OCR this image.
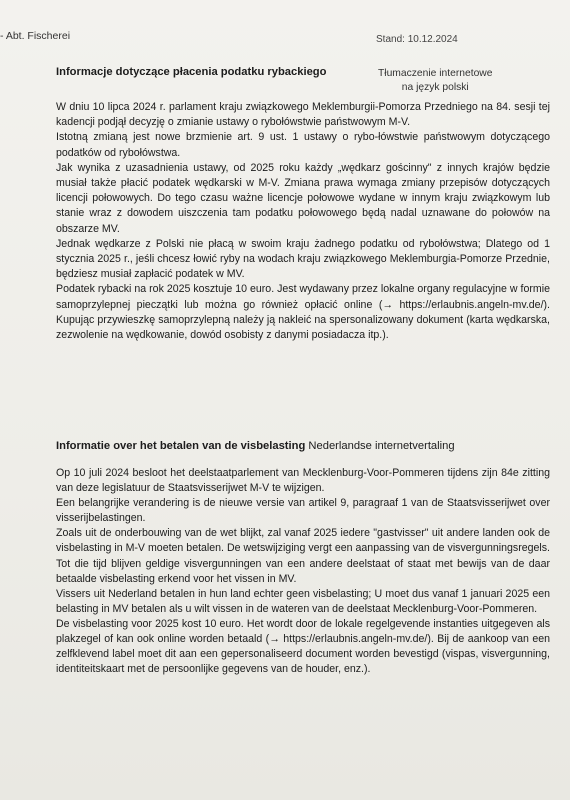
- Abt. Fischerei	Stand: 10.12.2024
Informacje dotyczące płacenia podatku rybackiego	Tłumaczenie internetowe
na język polski

W dniu 10 lipca 2024 r. parlament kraju związkowego Meklemburgii-Pomorza Przedniego na 84. sesji tej kadencji podjął decyzję o zmianie ustawy o rybołówstwie państwowym M-V.

Istotną zmianą jest nowe brzmienie art. 9 ust. 1 ustawy o rybo-łówstwie państwowym dotyczącego podatków od rybołówstwa.

Jak wynika z uzasadnienia ustawy, od 2025 roku każdy „wędkarz gościnny" z innych krajów będzie musiał także płacić podatek wędkarski w M-V. Zmiana prawa wymaga zmiany przepisów dotyczących licencji połowowych. Do tego czasu ważne licencje połowowe wydane w innym kraju związkowym lub stanie wraz z dowodem uiszczenia tam podatku połowowego będą nadal uznawane do połowów na obszarze MV.

Jednak wędkarze z Polski nie płacą w swoim kraju żadnego podatku od rybołówstwa; Dlatego od 1 stycznia 2025 r., jeśli chcesz łowić ryby na wodach kraju związkowego Meklemburgia-Pomorze Przednie, będziesz musiał zapłacić podatek w MV.

Podatek rybacki na rok 2025 kosztuje 10 euro. Jest wydawany przez lokalne organy regulacyjne w formie samoprzylepnej pieczątki lub można go również opłacić online (→ https://erlaubnis.angeln-mv.de/). Kupując przywieszkę samoprzylepną należy ją nakleić na spersonalizowany dokument (karta wędkarska, zezwolenie na wędkowanie, dowód osobisty z danymi posiadacza itp.).

Informatie over het betalen van de visbelasting Nederlandse internetvertaling

Op 10 juli 2024 besloot het deelstaatparlement van Mecklenburg-Voor-Pommeren tijdens zijn 84e zitting van deze legislatuur de Staatsvisserijwet M-V te wijzigen.

Een belangrijke verandering is de nieuwe versie van artikel 9, paragraaf 1 van de Staatsvisserijwet over visserijbelastingen.

Zoals uit de onderbouwing van de wet blijkt, zal vanaf 2025 iedere "gastvisser" uit andere landen ook de visbelasting in M-V moeten betalen. De wetswijziging vergt een aanpassing van de visvergunningsregels. Tot die tijd blijven geldige visvergunningen van een andere deelstaat of staat met bewijs van de daar betaalde visbelasting erkend voor het vissen in MV.

Vissers uit Nederland betalen in hun land echter geen visbelasting; U moet dus vanaf 1 januari 2025 een belasting in MV betalen als u wilt vissen in de wateren van de deelstaat Mecklenburg-Voor-Pommeren.

De visbelasting voor 2025 kost 10 euro. Het wordt door de lokale regelgevende instanties uitgegeven als plakzegel of kan ook online worden betaald (→ https://erlaubnis.angeln-mv.de/). Bij de aankoop van een zelfklevend label moet dit aan een gepersonaliseerd document worden bevestigd (vispas, visvergunning, identiteitskaart met de persoonlijke gegevens van de houder, enz.).
